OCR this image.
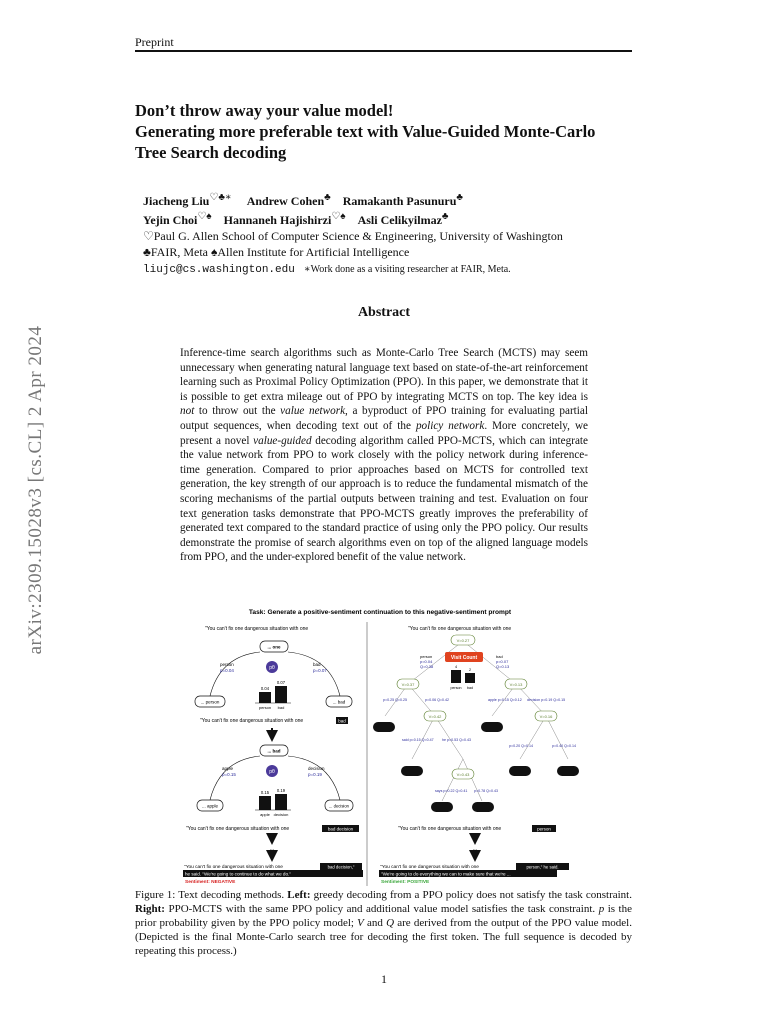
Preprint
Don’t throw away your value model!
Generating more preferable text with Value-Guided Monte-Carlo
Tree Search decoding
Jiacheng Liu♡♣∗ Andrew Cohen♣ Ramakanth Pasunuru♣
Yejin Choi♡♠ Hannaneh Hajishirzi♡♠ Asli Celikyilmaz♣
♡Paul G. Allen School of Computer Science & Engineering, University of Washington
♣FAIR, Meta ♠Allen Institute for Artificial Intelligence
liujc@cs.washington.edu ∗Work done as a visiting researcher at FAIR, Meta.
arXiv:2309.15028v3 [cs.CL] 2 Apr 2024
Abstract
Inference-time search algorithms such as Monte-Carlo Tree Search (MCTS) may seem unnecessary when generating natural language text based on state-of-the-art reinforcement learning such as Proximal Policy Optimization (PPO). In this paper, we demonstrate that it is possible to get extra mileage out of PPO by integrating MCTS on top. The key idea is not to throw out the value network, a byproduct of PPO training for evaluating partial output sequences, when decoding text out of the policy network. More concretely, we present a novel value-guided decoding algorithm called PPO-MCTS, which can integrate the value network from PPO to work closely with the policy network during inference-time generation. Compared to prior approaches based on MCTS for controlled text generation, the key strength of our approach is to reduce the fundamental mismatch of the scoring mechanisms of the partial outputs between training and test. Evaluation on four text generation tasks demonstrate that PPO-MCTS greatly improves the preferability of generated text compared to the standard practice of using only the PPO policy. Our results demonstrate the promise of search algorithms even on top of the aligned language models from PPO, and the under-explored benefit of the value network.
Task: Generate a positive-sentiment continuation to this negative-sentiment prompt
"You can't fix one dangerous situation with one
... one
pθ
person
p=0.04
bad
p=0.07
0.04
0.07
person bad
... person	... bad
"You can't fix one dangerous situation with one	bad
... bad
pθ
apple
p=0.15
decision
p=0.19
0.15 0.19
apple decision
... apple	... decision
"You can't fix one dangerous situation with one	bad decision
...
"You can't fix one dangerous situation with one	bad decision,"
he said. "We're going to continue to do what we do."
Sentiment: NEGATIVE
"You can't fix one dangerous situation with one
V=0.27
Visit Count
person
p=0.04
Q=0.38
bad
p=0.07
Q=0.13
4
2
person bad
V=0.37	V=0.13
p=0.25 Q=0.25	p=0.06 Q=0.42	apple p=0.15 Q=0.12 decision p=0.19 Q=0.15
V=0.42	V=0.16
said p=0.15 Q=0.47 he p=0.53 Q=0.43
p=0.20 Q=0.14	p=0.40 Q=0.14
V=0.43
says p=0.22 Q=0.41 p=0.78 Q=0.43
"You can't fix one dangerous situation with one	person
...
"You can't fix one dangerous situation with one	person," he said.
"We're going to do everything we can to make sure that we're ...
Sentiment: POSITIVE
Figure 1: Text decoding methods. Left: greedy decoding from a PPO policy does not satisfy the task constraint. Right: PPO-MCTS with the same PPO policy and additional value model satisfies the task constraint. p is the prior probability given by the PPO policy model; V and Q are derived from the output of the PPO value model. (Depicted is the final Monte-Carlo search tree for decoding the first token. The full sequence is decoded by repeating this process.)
1
